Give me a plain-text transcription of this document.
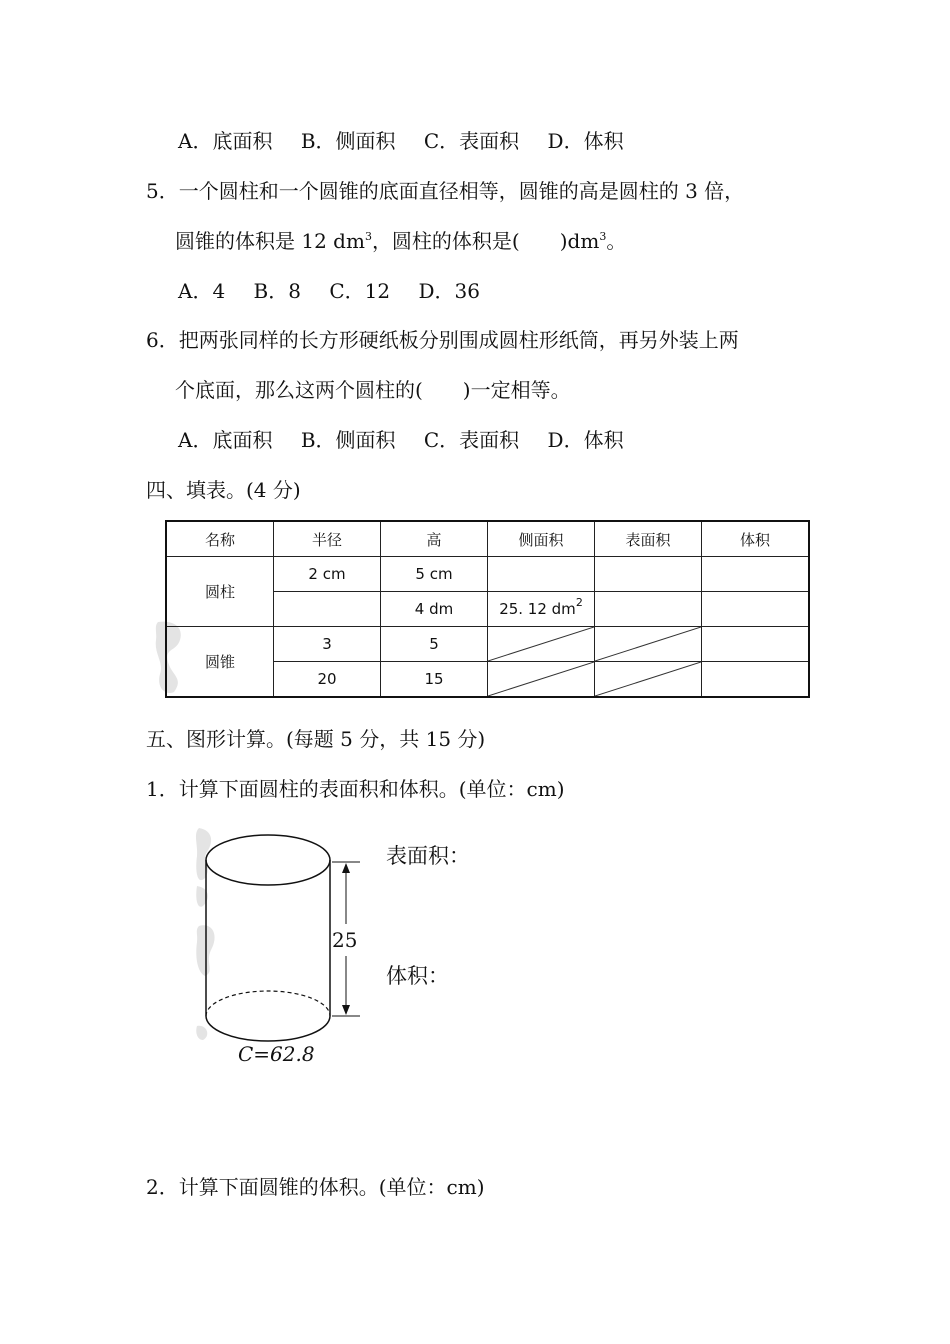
A．底面积 B．侧面积 C．表面积 D．体积
5．一个圆柱和一个圆锥的底面直径相等，圆锥的高是圆柱的 3 倍，
圆锥的体积是 12 $dm^3$，圆柱的体积是(　　)$dm^3$。
A．4 B．8 C．12 D．36
6．把两张同样的长方形硬纸板分别围成圆柱形纸筒，再另外装上两
个底面，那么这两个圆柱的(　　)一定相等。
A．底面积 B．侧面积 C．表面积 D．体积
四、填表。(4 分)
名称	半径	高	侧面积	表面积	体积
圆柱	2 cm	5 cm			
		4 dm	25. 12 $dm^2$		
圆锥	3	5	

	20	15	

五、图形计算。(每题 5 分，共 15 分)
1．计算下面圆柱的表面积和体积。(单位：cm)
25
C=62.8
表面积：
体积：
2．计算下面圆锥的体积。(单位：cm)
